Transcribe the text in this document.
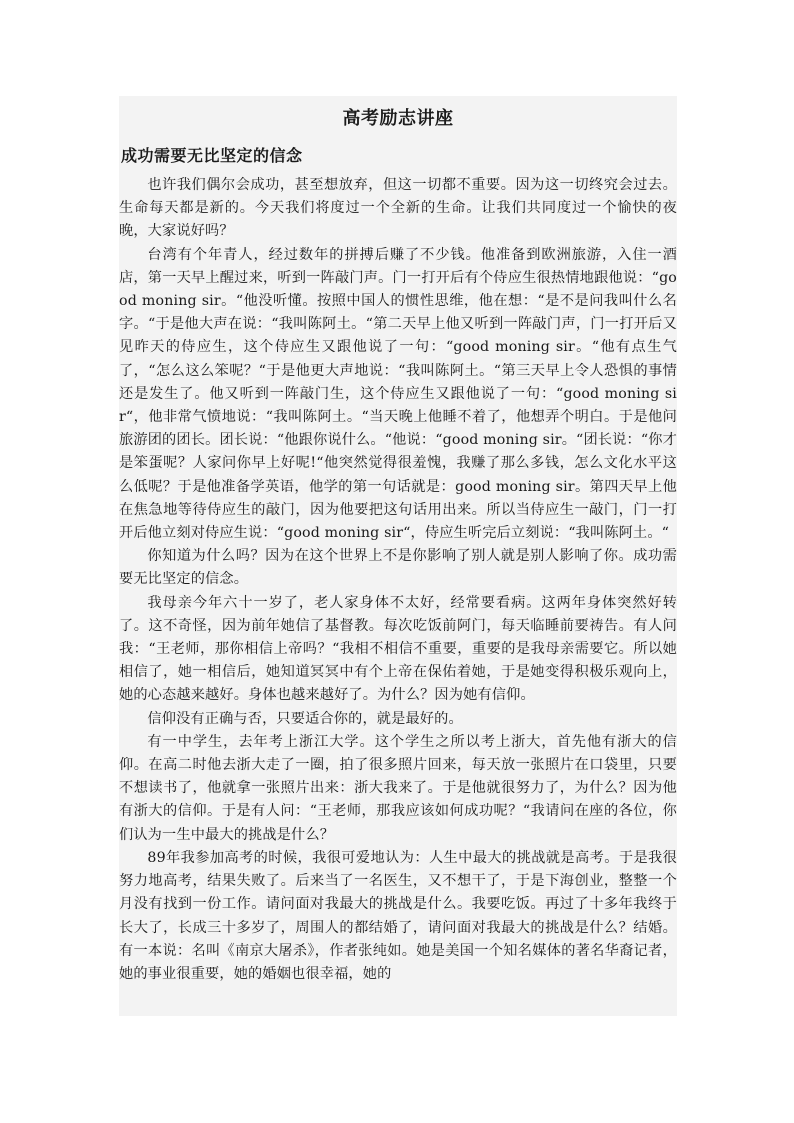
高考励志讲座
成功需要无比坚定的信念

也许我们偶尔会成功，甚至想放弃，但这一切都不重要。因为这一切终究会过去。生命每天都是新的。今天我们将度过一个全新的生命。让我们共同度过一个愉快的夜晚，大家说好吗？

台湾有个年青人，经过数年的拼搏后赚了不少钱。他准备到欧洲旅游，入住一酒店，第一天早上醒过来，听到一阵敲门声。门一打开后有个侍应生很热情地跟他说：“good moning sir。“他没听懂。按照中国人的惯性思维，他在想：“是不是问我叫什么名字。“于是他大声在说：“我叫陈阿土。“第二天早上他又听到一阵敲门声，门一打开后又见昨天的侍应生，这个侍应生又跟他说了一句：“good moning sir。“他有点生气了，“怎么这么笨呢？“于是他更大声地说：“我叫陈阿土。“第三天早上令人恐惧的事情还是发生了。他又听到一阵敲门生，这个侍应生又跟他说了一句：“good moning sir“，他非常气愤地说：“我叫陈阿土。“当天晚上他睡不着了，他想弄个明白。于是他问旅游团的团长。团长说：“他跟你说什么。“他说：“good moning sir。“团长说：“你才是笨蛋呢？人家问你早上好呢!“他突然觉得很羞愧，我赚了那么多钱，怎么文化水平这么低呢？于是他准备学英语，他学的第一句话就是：good moning sir。第四天早上他在焦急地等待侍应生的敲门，因为他要把这句话用出来。所以当侍应生一敲门，门一打开后他立刻对侍应生说：“good moning sir“，侍应生听完后立刻说：“我叫陈阿土。“

你知道为什么吗？因为在这个世界上不是你影响了别人就是别人影响了你。成功需要无比坚定的信念。

我母亲今年六十一岁了，老人家身体不太好，经常要看病。这两年身体突然好转了。这不奇怪，因为前年她信了基督教。每次吃饭前阿门，每天临睡前要祷告。有人问我：“王老师，那你相信上帝吗？“我相不相信不重要，重要的是我母亲需要它。所以她相信了，她一相信后，她知道冥冥中有个上帝在保佑着她，于是她变得积极乐观向上，她的心态越来越好。身体也越来越好了。为什么？因为她有信仰。

信仰没有正确与否，只要适合你的，就是最好的。

有一中学生，去年考上浙江大学。这个学生之所以考上浙大，首先他有浙大的信仰。在高二时他去浙大走了一圈，拍了很多照片回来，每天放一张照片在口袋里，只要不想读书了，他就拿一张照片出来：浙大我来了。于是他就很努力了，为什么？因为他有浙大的信仰。于是有人问：“王老师，那我应该如何成功呢？“我请问在座的各位，你们认为一生中最大的挑战是什么？

89年我参加高考的时候，我很可爱地认为：人生中最大的挑战就是高考。于是我很努力地高考，结果失败了。后来当了一名医生，又不想干了，于是下海创业，整整一个月没有找到一份工作。请问面对我最大的挑战是什么。我要吃饭。再过了十多年我终于长大了，长成三十多岁了，周围人的都结婚了，请问面对我最大的挑战是什么？结婚。有一本说：名叫《南京大屠杀》，作者张纯如。她是美国一个知名媒体的著名华裔记者，她的事业很重要，她的婚姻也很幸福，她的
